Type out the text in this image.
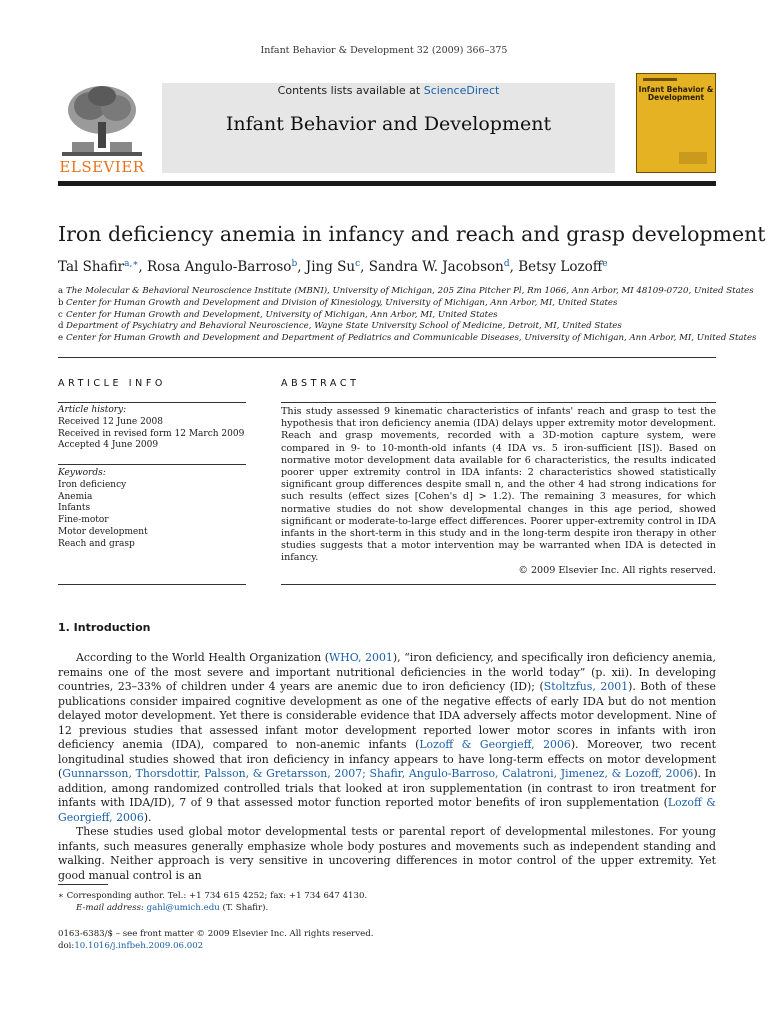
Infant Behavior & Development 32 (2009) 366–375
ELSEVIER
Contents lists available at ScienceDirect
Infant Behavior and Development
Infant Behavior & Development
Iron deficiency anemia in infancy and reach and grasp development
Tal Shafir$^{a,∗}$, Rosa Angulo-Barroso$^b$, Jing Su$^c$, Sandra W. Jacobson$^d$, Betsy Lozoff$^e$
a The Molecular & Behavioral Neuroscience Institute (MBNI), University of Michigan, 205 Zina Pitcher Pl, Rm 1066, Ann Arbor, MI 48109-0720, United States
b Center for Human Growth and Development and Division of Kinesiology, University of Michigan, Ann Arbor, MI, United States
c Center for Human Growth and Development, University of Michigan, Ann Arbor, MI, United States
d Department of Psychiatry and Behavioral Neuroscience, Wayne State University School of Medicine, Detroit, MI, United States
e Center for Human Growth and Development and Department of Pediatrics and Communicable Diseases, University of Michigan, Ann Arbor, MI, United States
ARTICLE INFO
Article history:
Received 12 June 2008
Received in revised form 12 March 2009
Accepted 4 June 2009
Keywords:
Iron deficiency
Anemia
Infants
Fine-motor
Motor development
Reach and grasp
ABSTRACT
This study assessed 9 kinematic characteristics of infants' reach and grasp to test the hypothesis that iron deficiency anemia (IDA) delays upper extremity motor development. Reach and grasp movements, recorded with a 3D-motion capture system, were compared in 9- to 10-month-old infants (4 IDA vs. 5 iron-sufficient [IS]). Based on normative motor development data available for 6 characteristics, the results indicated poorer upper extremity control in IDA infants: 2 characteristics showed statistically significant group differences despite small n, and the other 4 had strong indications for such results (effect sizes [Cohen's d] > 1.2). The remaining 3 measures, for which normative studies do not show developmental changes in this age period, showed significant or moderate-to-large effect differences. Poorer upper-extremity control in IDA infants in the short-term in this study and in the long-term despite iron therapy in other studies suggests that a motor intervention may be warranted when IDA is detected in infancy.
© 2009 Elsevier Inc. All rights reserved.
1. Introduction

According to the World Health Organization (WHO, 2001), “iron deficiency, and specifically iron deficiency anemia, remains one of the most severe and important nutritional deficiencies in the world today” (p. xii). In developing countries, 23–33% of children under 4 years are anemic due to iron deficiency (ID); (Stoltzfus, 2001). Both of these publications consider impaired cognitive development as one of the negative effects of early IDA but do not mention delayed motor development. Yet there is considerable evidence that IDA adversely affects motor development. Nine of 12 previous studies that assessed infant motor development reported lower motor scores in infants with iron deficiency anemia (IDA), compared to non-anemic infants (Lozoff & Georgieff, 2006). Moreover, two recent longitudinal studies showed that iron deficiency in infancy appears to have long-term effects on motor development (Gunnarsson, Thorsdottir, Palsson, & Gretarsson, 2007; Shafir, Angulo-Barroso, Calatroni, Jimenez, & Lozoff, 2006). In addition, among randomized controlled trials that looked at iron supplementation (in contrast to iron treatment for infants with IDA/ID), 7 of 9 that assessed motor function reported motor benefits of iron supplementation (Lozoff & Georgieff, 2006).

These studies used global motor developmental tests or parental report of developmental milestones. For young infants, such measures generally emphasize whole body postures and movements such as independent standing and walking. Neither approach is very sensitive in uncovering differences in motor control of the upper extremity. Yet good manual control is an

∗ Corresponding author. Tel.: +1 734 615 4252; fax: +1 734 647 4130.
E-mail address: gahl@umich.edu (T. Shafir).
0163-6383/$ – see front matter © 2009 Elsevier Inc. All rights reserved.
doi:10.1016/j.infbeh.2009.06.002
